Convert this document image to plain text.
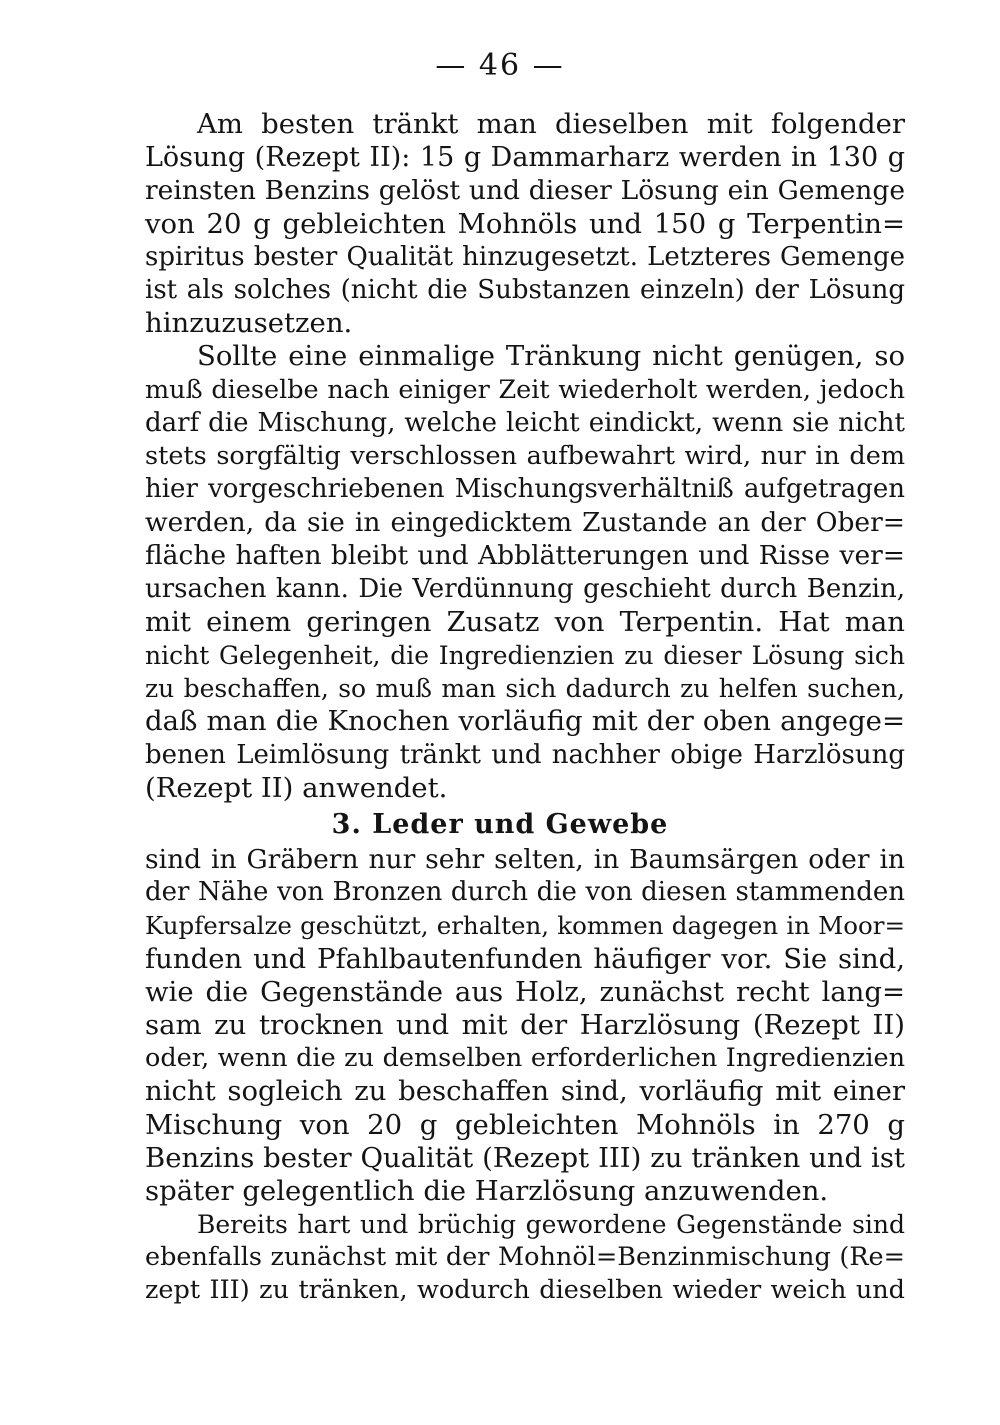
— 46 —
Am besten tränkt man dieselben mit folgender
Lösung (Rezept II): 15 g Dammarharz werden in 130 g
reinsten Benzins gelöst und dieser Lösung ein Gemenge
von 20 g gebleichten Mohnöls und 150 g Terpentin=
spiritus bester Qualität hinzugesetzt. Letzteres Gemenge
ist als solches (nicht die Substanzen einzeln) der Lösung
hinzuzusetzen.
Sollte eine einmalige Tränkung nicht genügen, so
muß dieselbe nach einiger Zeit wiederholt werden, jedoch
darf die Mischung, welche leicht eindickt, wenn sie nicht
stets sorgfältig verschlossen aufbewahrt wird, nur in dem
hier vorgeschriebenen Mischungsverhältniß aufgetragen
werden, da sie in eingedicktem Zustande an der Ober=
fläche haften bleibt und Abblätterungen und Risse ver=
ursachen kann. Die Verdünnung geschieht durch Benzin,
mit einem geringen Zusatz von Terpentin. Hat man
nicht Gelegenheit, die Ingredienzien zu dieser Lösung sich
zu beschaffen, so muß man sich dadurch zu helfen suchen,
daß man die Knochen vorläufig mit der oben angege=
benen Leimlösung tränkt und nachher obige Harzlösung
(Rezept II) anwendet.
3. Leder und Gewebe
sind in Gräbern nur sehr selten, in Baumsärgen oder in
der Nähe von Bronzen durch die von diesen stammenden
Kupfersalze geschützt, erhalten, kommen dagegen in Moor=
funden und Pfahlbautenfunden häufiger vor. Sie sind,
wie die Gegenstände aus Holz, zunächst recht lang=
sam zu trocknen und mit der Harzlösung (Rezept II)
oder, wenn die zu demselben erforderlichen Ingredienzien
nicht sogleich zu beschaffen sind, vorläufig mit einer
Mischung von 20 g gebleichten Mohnöls in 270 g
Benzins bester Qualität (Rezept III) zu tränken und ist
später gelegentlich die Harzlösung anzuwenden.
Bereits hart und brüchig gewordene Gegenstände sind
ebenfalls zunächst mit der Mohnöl=Benzinmischung (Re=
zept III) zu tränken, wodurch dieselben wieder weich und
